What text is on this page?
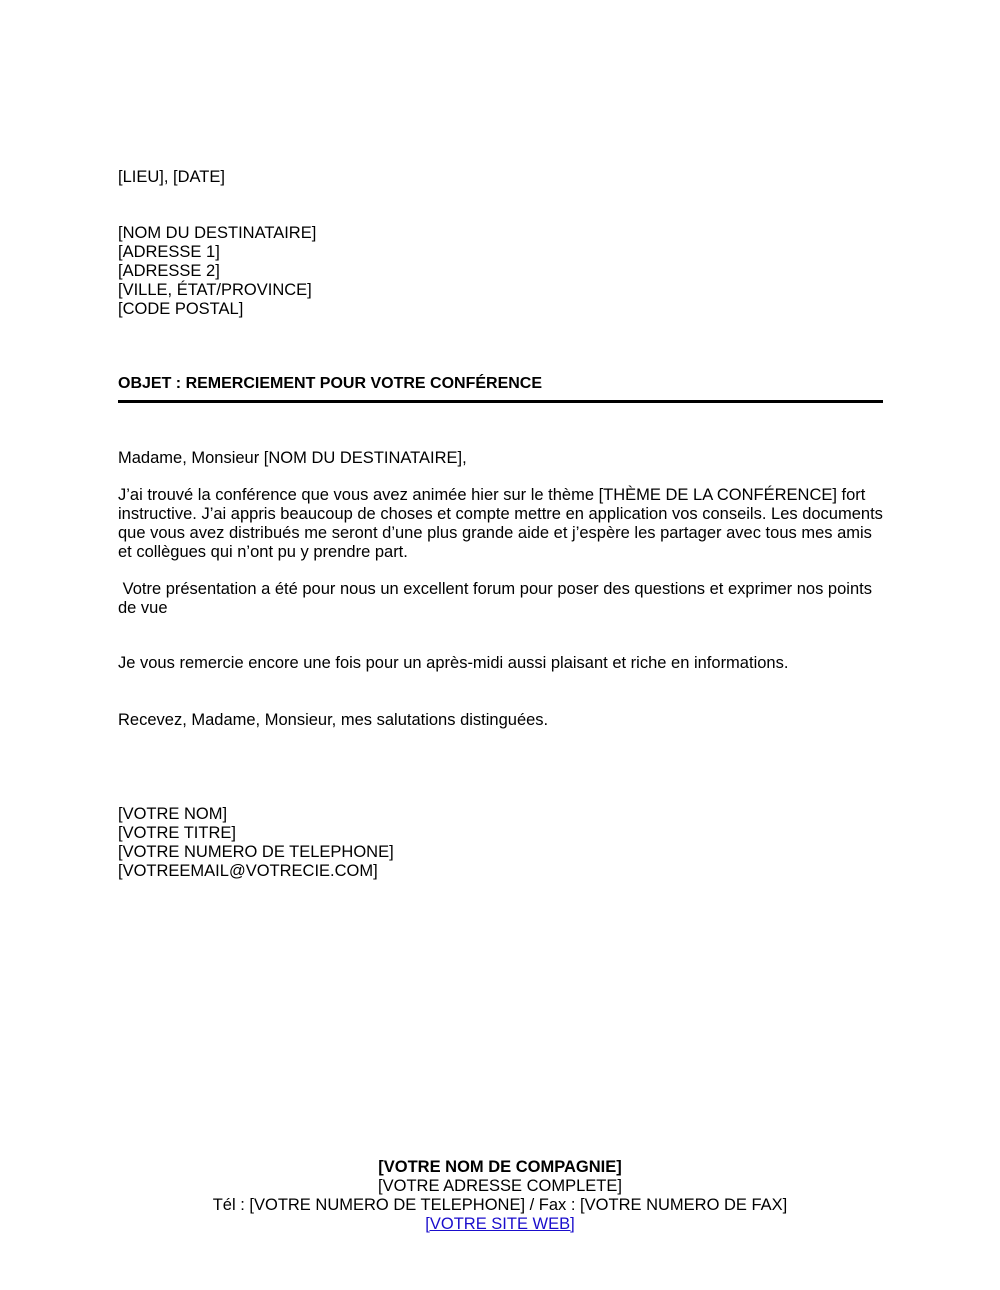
[LIEU], [DATE]
[NOM DU DESTINATAIRE]
[ADRESSE 1]
[ADRESSE 2]
[VILLE, ÉTAT/PROVINCE]
[CODE POSTAL]
OBJET : REMERCIEMENT POUR VOTRE CONFÉRENCE
Madame, Monsieur [NOM DU DESTINATAIRE],
J’ai trouvé la conférence que vous avez animée hier sur le thème [THÈME DE LA CONFÉRENCE] fort instructive. J’ai appris beaucoup de choses et compte mettre en application vos conseils. Les documents que vous avez distribués me seront d’une plus grande aide et j’espère les partager avec tous mes amis et collègues qui n’ont pu y prendre part.
Votre présentation a été pour nous un excellent forum pour poser des questions et exprimer nos points de vue
Je vous remercie encore une fois pour un après-midi aussi plaisant et riche en informations.
Recevez, Madame, Monsieur, mes salutations distinguées.
[VOTRE NOM]
[VOTRE TITRE]
[VOTRE NUMERO DE TELEPHONE]
[VOTREEMAIL@VOTRECIE.COM]
[VOTRE NOM DE COMPAGNIE]
[VOTRE ADRESSE COMPLETE]
Tél : [VOTRE NUMERO DE TELEPHONE] / Fax : [VOTRE NUMERO DE FAX]
[VOTRE SITE WEB]
